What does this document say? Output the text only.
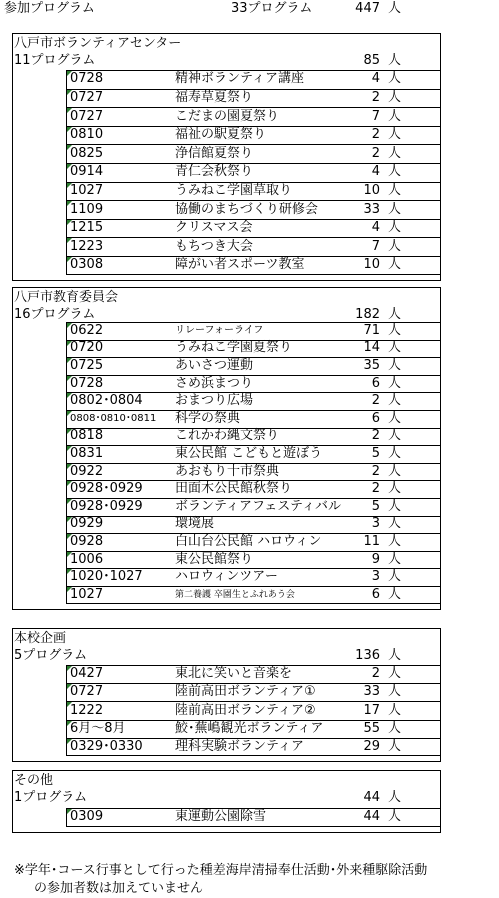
参加プログラム	33プログラム	447 人
八戸市ボランティアセンター
11プログラム	85 人
0728	精神ボランティア講座	4 人
0727	福寿草夏祭り	2 人
0727	こだまの園夏祭り	7 人
0810	福祉の駅夏祭り	2 人
0825	浄信館夏祭り	2 人
0914	青仁会秋祭り	4 人
1027	うみねこ学園草取り	10 人
1109	協働のまちづくり研修会	33 人
1215	クリスマス会	4 人
1223	もちつき大会	7 人
0308	障がい者スポーツ教室	10 人
八戸市教育委員会
16プログラム	182 人
0622	リレーフォーライフ	71 人
0720	うみねこ学園夏祭り	14 人
0725	あいさつ運動	35 人
0728	さめ浜まつり	6 人
0802･0804 おまつり広場	2 人
0808･0810･0811 科学の祭典	6 人
0818	これかわ縄文祭り	2 人
0831	東公民館 こどもと遊ぼう	5 人
0922	あおもり十市祭典	2 人
0928･0929 田面木公民館秋祭り	2 人
0928･0929 ボランティアフェスティバル	5 人
0929	環境展	3 人
0928	白山台公民館 ハロウィン	11 人
1006	東公民館祭り	9 人
1020･1027 ハロウィンツアー	3 人
1027	第二養護 卒園生とふれあう会	6 人
本校企画
5プログラム	136 人
0427	東北に笑いと音楽を	2 人
0727	陸前高田ボランティア①	33 人
1222	陸前高田ボランティア②	17 人
6月～8月	鮫･蕪嶋観光ボランティア	55 人
0329･0330 理科実験ボランティア	29 人
その他
1プログラム	44 人
0309	東運動公園除雪	44 人
※学年･コース行事として行った種差海岸清掃奉仕活動･外来種駆除活動
の参加者数は加えていません
